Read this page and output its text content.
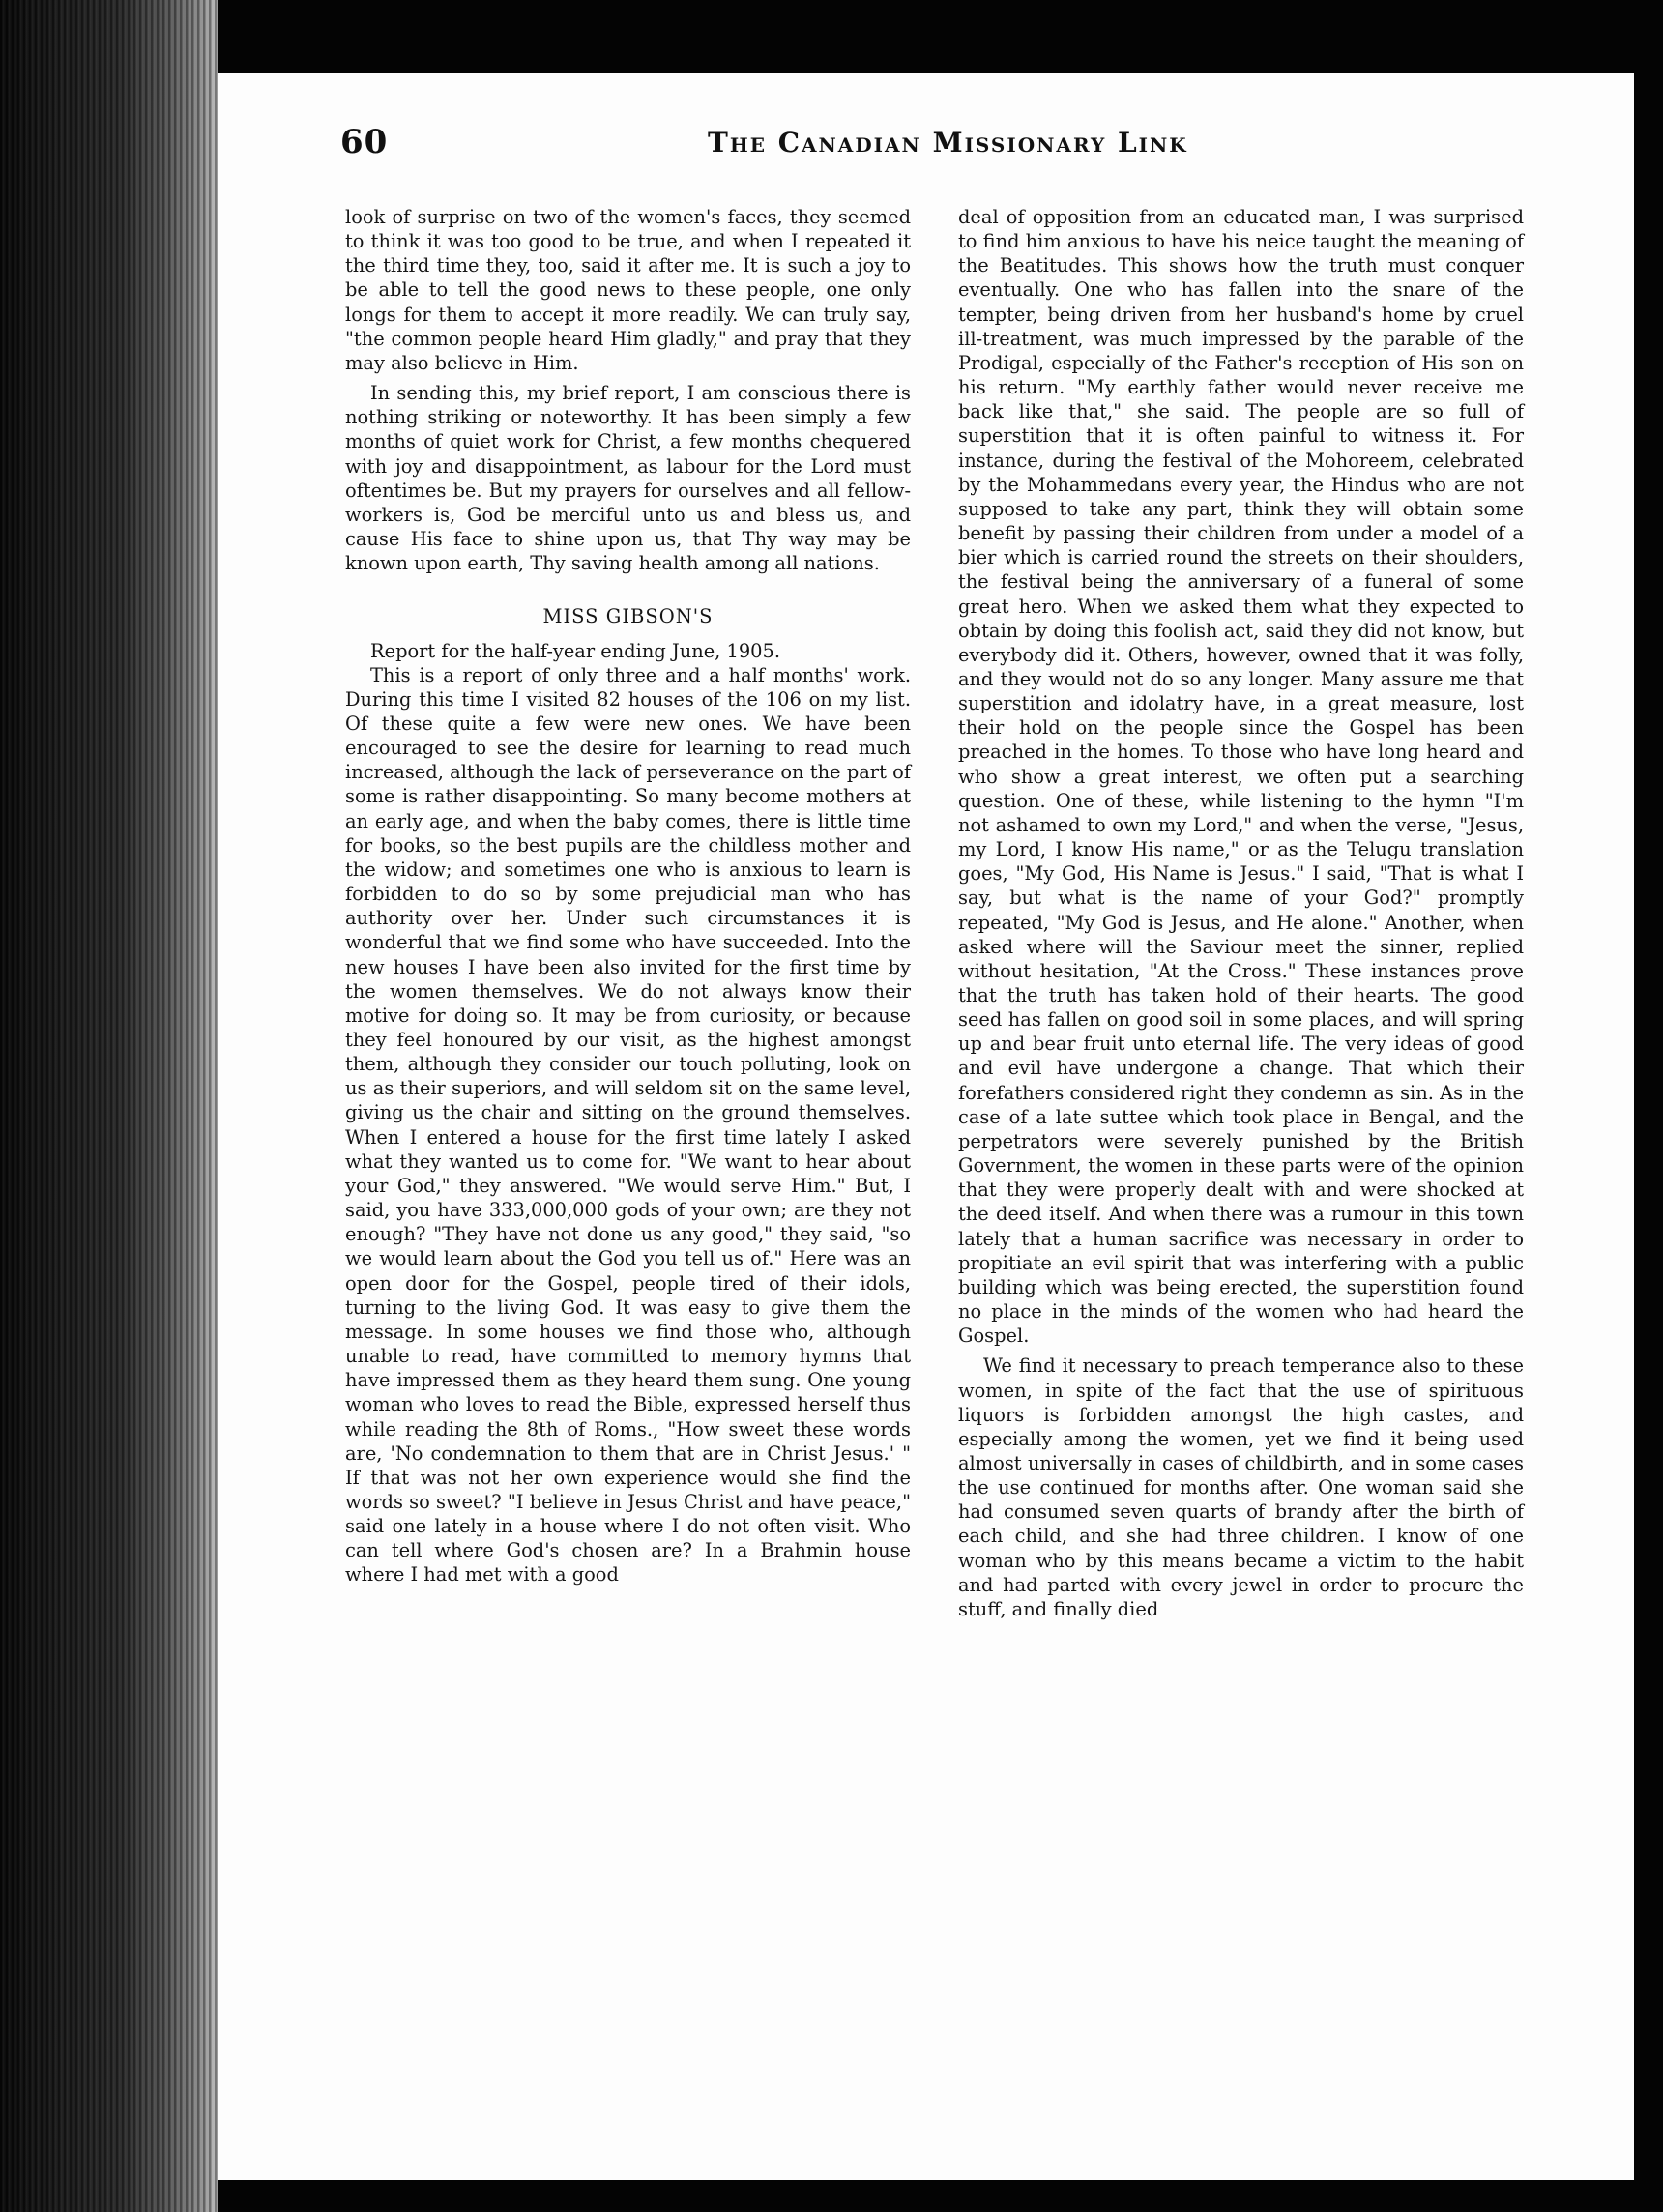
60	The Canadian Missionary Link

look of surprise on two of the women's faces, they seemed to think it was too good to be true, and when I repeated it the third time they, too, said it after me. It is such a joy to be able to tell the good news to these people, one only longs for them to accept it more readily. We can truly say, "the common people heard Him gladly," and pray that they may also believe in Him.

In sending this, my brief report, I am conscious there is nothing striking or noteworthy. It has been simply a few months of quiet work for Christ, a few months chequered with joy and disappointment, as labour for the Lord must oftentimes be. But my prayers for ourselves and all fellow-workers is, God be merciful unto us and bless us, and cause His face to shine upon us, that Thy way may be known upon earth, Thy saving health among all nations.

MISS GIBSON'S
Report for the half-year ending June, 1905.

This is a report of only three and a half months' work. During this time I visited 82 houses of the 106 on my list. Of these quite a few were new ones. We have been encouraged to see the desire for learning to read much increased, although the lack of perseverance on the part of some is rather disappointing. So many become mothers at an early age, and when the baby comes, there is little time for books, so the best pupils are the childless mother and the widow; and sometimes one who is anxious to learn is forbidden to do so by some prejudicial man who has authority over her. Under such circumstances it is wonderful that we find some who have succeeded. Into the new houses I have been also invited for the first time by the women themselves. We do not always know their motive for doing so. It may be from curiosity, or because they feel honoured by our visit, as the highest amongst them, although they consider our touch polluting, look on us as their superiors, and will seldom sit on the same level, giving us the chair and sitting on the ground themselves. When I entered a house for the first time lately I asked what they wanted us to come for. "We want to hear about your God," they answered. "We would serve Him." But, I said, you have 333,000,000 gods of your own; are they not enough? "They have not done us any good," they said, "so we would learn about the God you tell us of." Here was an open door for the Gospel, people tired of their idols, turning to the living God. It was easy to give them the message. In some houses we find those who, although unable to read, have committed to memory hymns that have impressed them as they heard them sung. One young woman who loves to read the Bible, expressed herself thus while reading the 8th of Roms., "How sweet these words are, 'No condemnation to them that are in Christ Jesus.' " If that was not her own experience would she find the words so sweet? "I believe in Jesus Christ and have peace," said one lately in a house where I do not often visit. Who can tell where God's chosen are? In a Brahmin house where I had met with a good

deal of opposition from an educated man, I was surprised to find him anxious to have his neice taught the meaning of the Beatitudes. This shows how the truth must conquer eventually. One who has fallen into the snare of the tempter, being driven from her husband's home by cruel ill-treatment, was much impressed by the parable of the Prodigal, especially of the Father's reception of His son on his return. "My earthly father would never receive me back like that," she said. The people are so full of superstition that it is often painful to witness it. For instance, during the festival of the Mohoreem, celebrated by the Mohammedans every year, the Hindus who are not supposed to take any part, think they will obtain some benefit by passing their children from under a model of a bier which is carried round the streets on their shoulders, the festival being the anniversary of a funeral of some great hero. When we asked them what they expected to obtain by doing this foolish act, said they did not know, but everybody did it. Others, however, owned that it was folly, and they would not do so any longer. Many assure me that superstition and idolatry have, in a great measure, lost their hold on the people since the Gospel has been preached in the homes. To those who have long heard and who show a great interest, we often put a searching question. One of these, while listening to the hymn "I'm not ashamed to own my Lord," and when the verse, "Jesus, my Lord, I know His name," or as the Telugu translation goes, "My God, His Name is Jesus." I said, "That is what I say, but what is the name of your God?" promptly repeated, "My God is Jesus, and He alone." Another, when asked where will the Saviour meet the sinner, replied without hesitation, "At the Cross." These instances prove that the truth has taken hold of their hearts. The good seed has fallen on good soil in some places, and will spring up and bear fruit unto eternal life. The very ideas of good and evil have undergone a change. That which their forefathers considered right they condemn as sin. As in the case of a late suttee which took place in Bengal, and the perpetrators were severely punished by the British Government, the women in these parts were of the opinion that they were properly dealt with and were shocked at the deed itself. And when there was a rumour in this town lately that a human sacrifice was necessary in order to propitiate an evil spirit that was interfering with a public building which was being erected, the superstition found no place in the minds of the women who had heard the Gospel.

We find it necessary to preach temperance also to these women, in spite of the fact that the use of spirituous liquors is forbidden amongst the high castes, and especially among the women, yet we find it being used almost universally in cases of childbirth, and in some cases the use continued for months after. One woman said she had consumed seven quarts of brandy after the birth of each child, and she had three children. I know of one woman who by this means became a victim to the habit and had parted with every jewel in order to procure the stuff, and finally died
